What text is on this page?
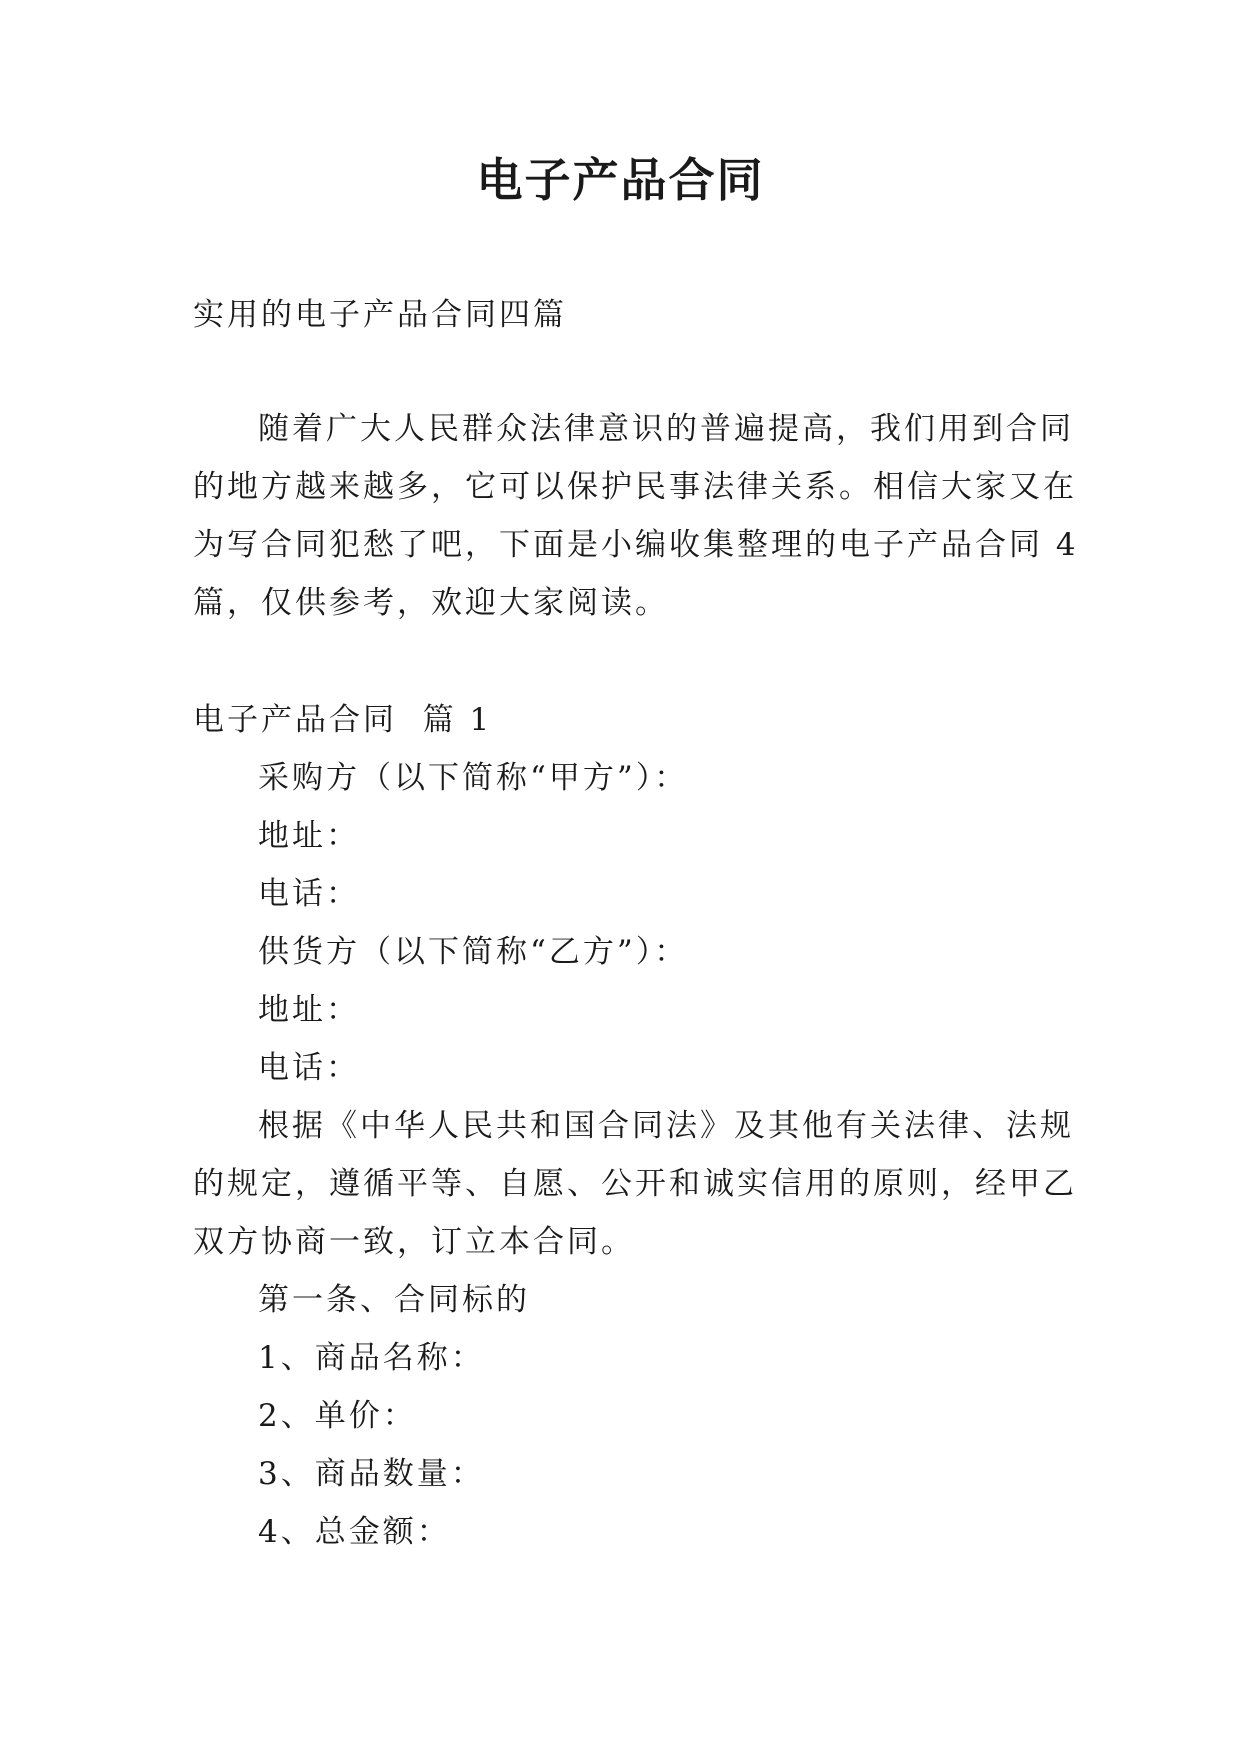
电子产品合同
实用的电子产品合同四篇
随着广大人民群众法律意识的普遍提高，我们用到合同
的地方越来越多，它可以保护民事法律关系。相信大家又在
为写合同犯愁了吧，下面是小编收集整理的电子产品合同 4
篇，仅供参考，欢迎大家阅读。
电子产品合同  篇 1
采购方（以下简称“甲方”）：
地址：
电话：
供货方（以下简称“乙方”）：
地址：
电话：
根据《中华人民共和国合同法》及其他有关法律、法规
的规定，遵循平等、自愿、公开和诚实信用的原则，经甲乙
双方协商一致，订立本合同。
第一条、合同标的
1、商品名称：
2、单价：
3、商品数量：
4、总金额：
